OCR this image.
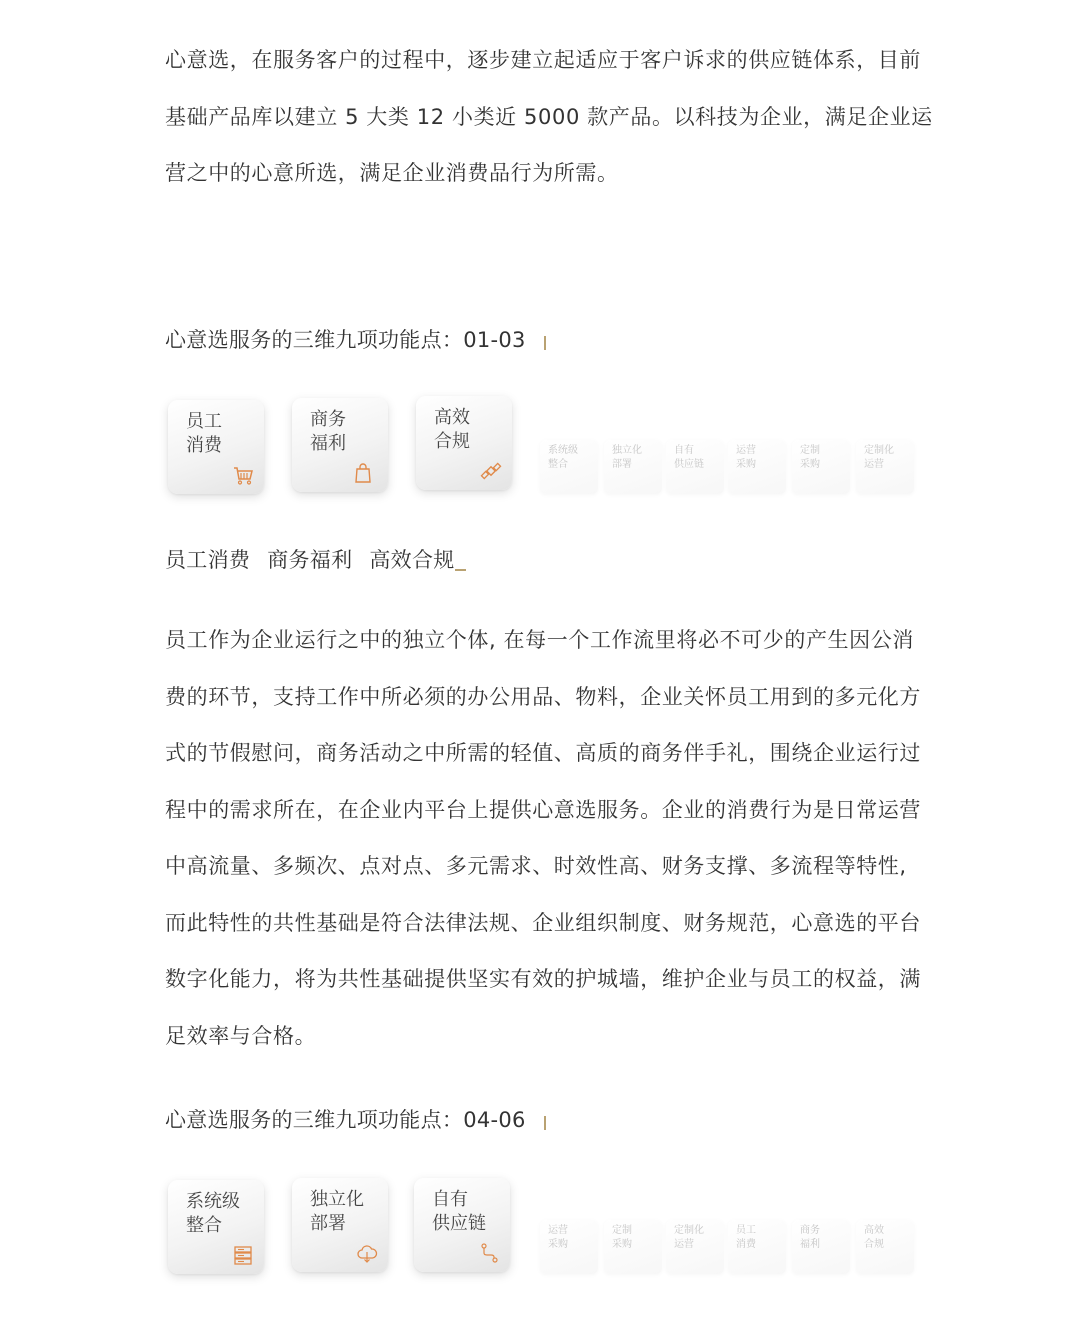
心意选，在服务客户的过程中，逐步建立起适应于客户诉求的供应链体系，目前
基础产品库以建立 5 大类 12 小类近 5000 款产品。以科技为企业，满足企业运
营之中的心意所选，满足企业消费品行为所需。
心意选服务的三维九项功能点：01-03
员工
消费
商务
福利
高效
合规	系统级
整合
独立化
部署
自有
供应链
运营
采购
定制
采购
定制化
运营
员工消费 商务福利 高效合规
员工作为企业运行之中的独立个体, 在每一个工作流里将必不可少的产生因公消
费的环节，支持工作中所必须的办公用品、物料，企业关怀员工用到的多元化方
式的节假慰问，商务活动之中所需的轻值、高质的商务伴手礼，围绕企业运行过
程中的需求所在，在企业内平台上提供心意选服务。企业的消费行为是日常运营
中高流量、多频次、点对点、多元需求、时效性高、财务支撑、多流程等特性,
而此特性的共性基础是符合法律法规、企业组织制度、财务规范，心意选的平台
数字化能力，将为共性基础提供坚实有效的护城墙，维护企业与员工的权益，满
足效率与合格。
心意选服务的三维九项功能点：04-06
系统级
整合
独立化
部署
自有
供应链	运营
采购
定制
采购
定制化
运营
员工
消费
商务
福利
高效
合规
